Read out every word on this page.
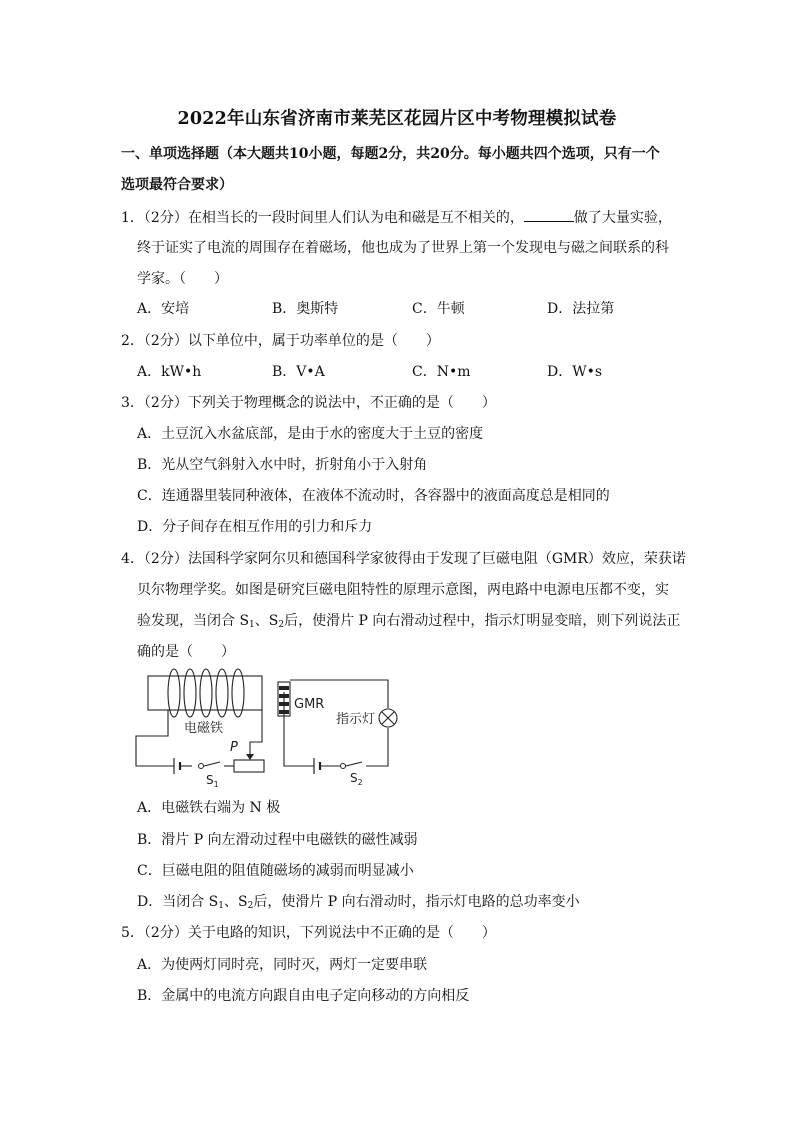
2022年山东省济南市莱芜区花园片区中考物理模拟试卷
一、单项选择题（本大题共10小题，每题2分，共20分。每小题共四个选项，只有一个
选项最符合要求）
1．（2分）在相当长的一段时间里人们认为电和磁是互不相关的，	做了大量实验，
终于证实了电流的周围存在着磁场，他也成为了世界上第一个发现电与磁之间联系的科
学家。（　　）
A．安培	B．奥斯特	C．牛顿	D．法拉第
2．（2分）以下单位中，属于功率单位的是（　　）
A．kW•h	B．V•A	C．N•m	D．W•s
3．（2分）下列关于物理概念的说法中，不正确的是（　　）
A．土豆沉入水盆底部，是由于水的密度大于土豆的密度
B．光从空气斜射入水中时，折射角小于入射角
C．连通器里装同种液体，在液体不流动时，各容器中的液面高度总是相同的
D．分子间存在相互作用的引力和斥力
4．（2分）法国科学家阿尔贝和德国科学家彼得由于发现了巨磁电阻（GMR）效应，荣获诺
贝尔物理学奖。如图是研究巨磁电阻特性的原理示意图，两电路中电源电压都不变，实
验发现，当闭合 $S_1$、$S_2$后，使滑片 P 向右滑动过程中，指示灯明显变暗，则下列说法正
确的是（　　）
电磁铁
P
$S_1$	$S_2$
GMR
指示灯
A．电磁铁右端为 N 极
B．滑片 P 向左滑动过程中电磁铁的磁性减弱
C．巨磁电阻的阻值随磁场的减弱而明显减小
D．当闭合 $S_1$、$S_2$后，使滑片 P 向右滑动时，指示灯电路的总功率变小
5．（2分）关于电路的知识，下列说法中不正确的是（　　）
A．为使两灯同时亮，同时灭，两灯一定要串联
B．金属中的电流方向跟自由电子定向移动的方向相反
